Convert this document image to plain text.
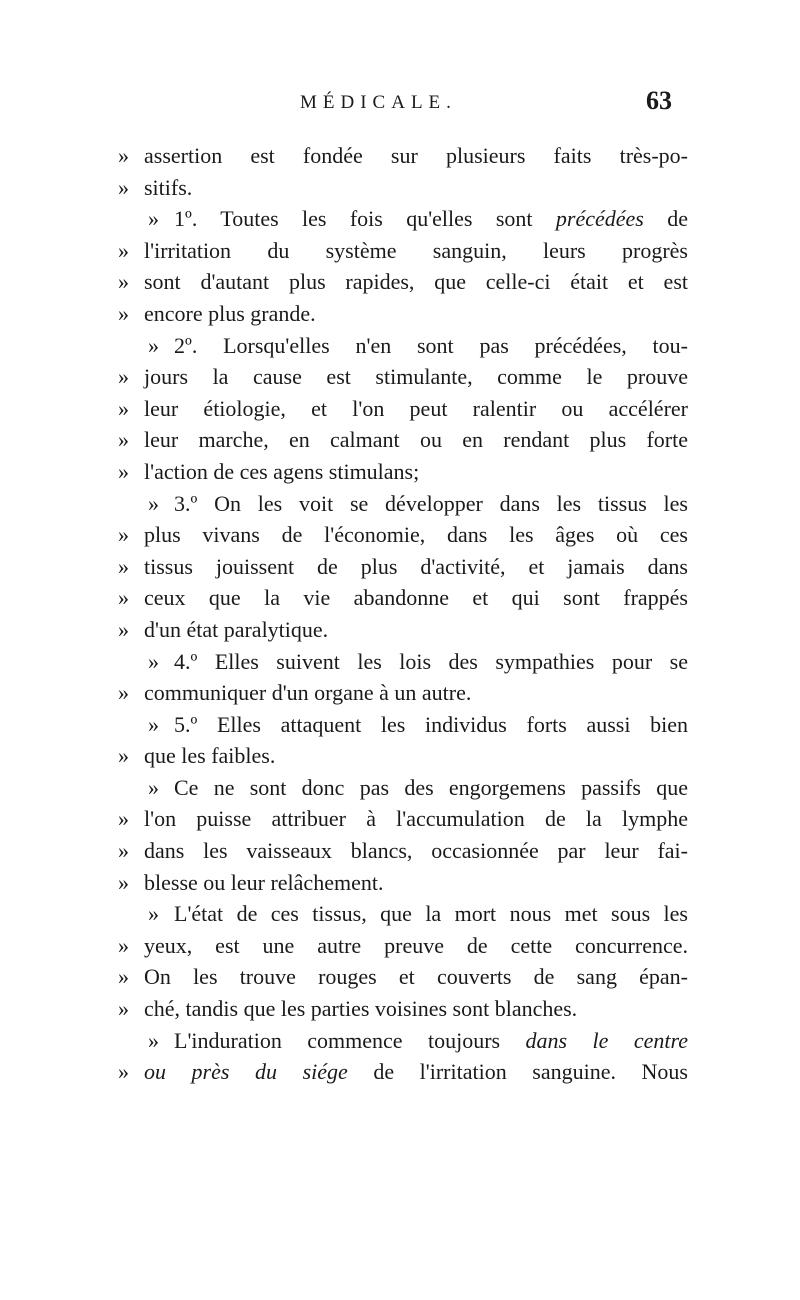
MÉDICALE.	63
» assertion est fondée sur plusieurs faits très-po-
» sitifs.
» 1º. Toutes les fois qu'elles sont précédées de
» l'irritation du système sanguin, leurs progrès
» sont d'autant plus rapides, que celle-ci était et est
» encore plus grande.
» 2º. Lorsqu'elles n'en sont pas précédées, tou-
» jours la cause est stimulante, comme le prouve
» leur étiologie, et l'on peut ralentir ou accélérer
» leur marche, en calmant ou en rendant plus forte
» l'action de ces agens stimulans;
» 3.º On les voit se développer dans les tissus les
» plus vivans de l'économie, dans les âges où ces
» tissus jouissent de plus d'activité, et jamais dans
» ceux que la vie abandonne et qui sont frappés
» d'un état paralytique.
» 4.º Elles suivent les lois des sympathies pour se
» communiquer d'un organe à un autre.
» 5.º Elles attaquent les individus forts aussi bien
» que les faibles.
» Ce ne sont donc pas des engorgemens passifs que
» l'on puisse attribuer à l'accumulation de la lymphe
» dans les vaisseaux blancs, occasionnée par leur fai-
» blesse ou leur relâchement.
» L'état de ces tissus, que la mort nous met sous les
» yeux, est une autre preuve de cette concurrence.
» On les trouve rouges et couverts de sang épan-
» ché, tandis que les parties voisines sont blanches.
» L'induration commence toujours dans le centre
» ou près du siége de l'irritation sanguine. Nous
